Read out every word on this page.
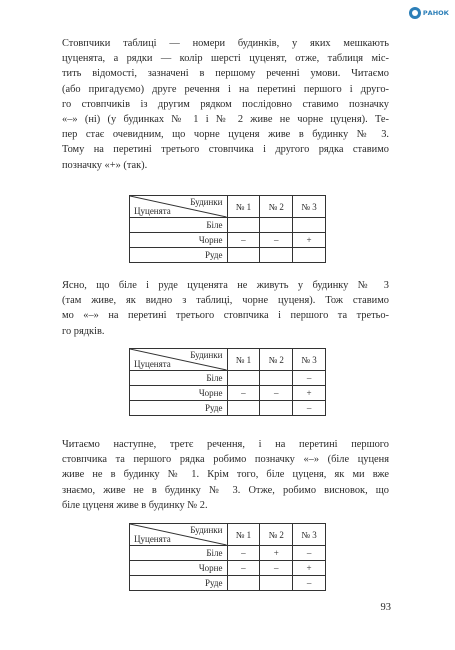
РАНОК

Стовпчики таблиці — номери будинків, у яких мешкають
цуценята, а рядки — колір шерсті цуценят, отже, таблиця міс-
тить відомості, зазначені в першому реченні умови. Читаємо
(або пригадуємо) друге речення і на перетині першого і друго-
го стовпчиків із другим рядком послідовно ставимо позначку
«–» (ні) (у будинках № 1 і № 2 живе не чорне цуценя). Те-
пер стає очевидним, що чорне цуценя живе в будинку № 3.
Тому на перетині третього стовпчика і другого рядка ставимо
позначку «+» (так).

Будинки
Цуценята	№ 1	№ 2	№ 3
Біле			
Чорне	–	–	+
Руде			

Ясно, що біле і руде цуценята не живуть у будинку № 3
(там живе, як видно з таблиці, чорне цуценя). Тож ставимо
мо «–» на перетині третього стовпчика і першого та третьо-
го рядків.

Будинки
Цуценята	№ 1	№ 2	№ 3
Біле			–
Чорне	–	–	+
Руде			–

Читаємо наступне, третє речення, і на перетині першого
стовпчика та першого рядка робимо позначку «–» (біле цуценя
живе не в будинку № 1. Крім того, біле цуценя, як ми вже
знаємо, живе не в будинку № 3. Отже, робимо висновок, що
біле цуценя живе в будинку № 2.

Будинки
Цуценята	№ 1	№ 2	№ 3
Біле	–	+	–
Чорне	–	–	+
Руде			–
93
